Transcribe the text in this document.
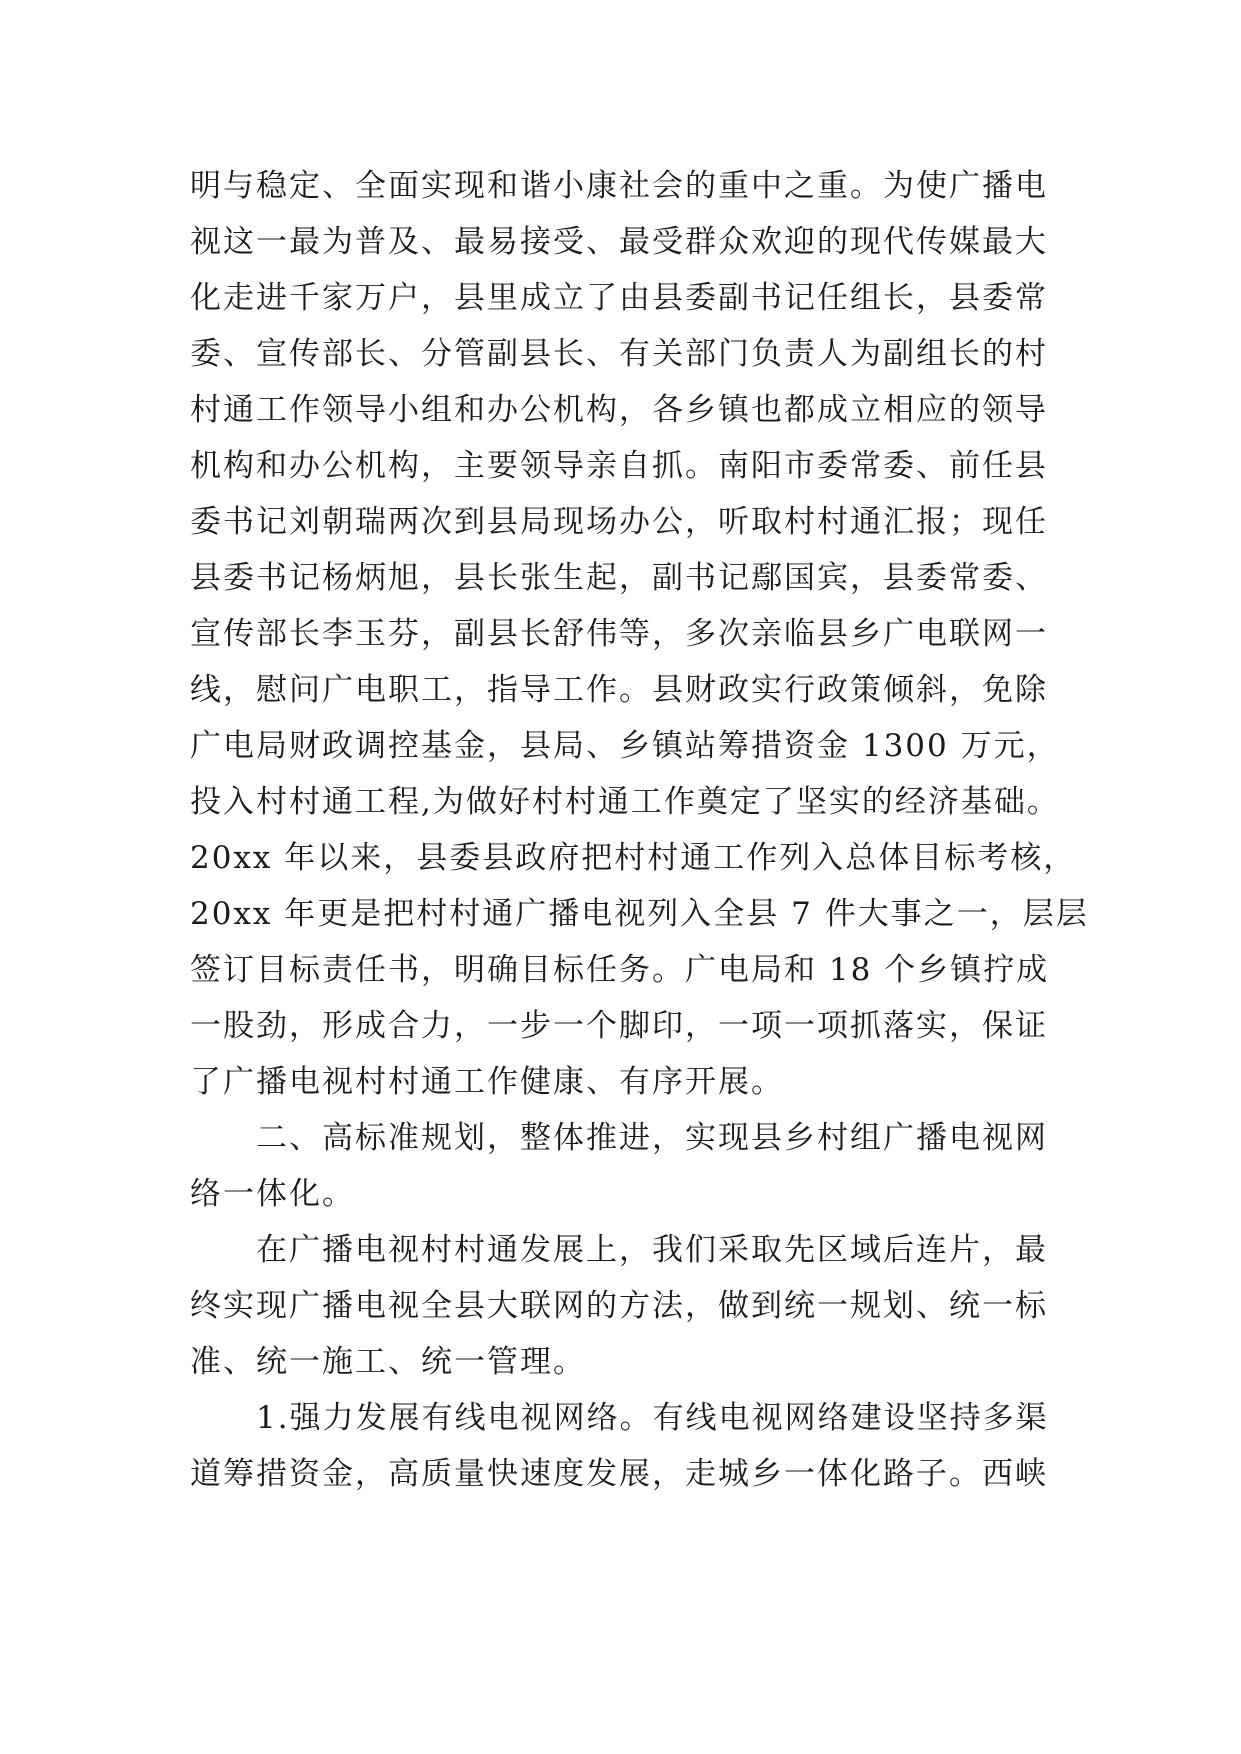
明与稳定、全面实现和谐小康社会的重中之重。为使广播电
视这一最为普及、最易接受、最受群众欢迎的现代传媒最大
化走进千家万户，县里成立了由县委副书记任组长，县委常
委、宣传部长、分管副县长、有关部门负责人为副组长的村
村通工作领导小组和办公机构，各乡镇也都成立相应的领导
机构和办公机构，主要领导亲自抓。南阳市委常委、前任县
委书记刘朝瑞两次到县局现场办公，听取村村通汇报；现任
县委书记杨炳旭，县长张生起，副书记鄢国宾，县委常委、
宣传部长李玉芬，副县长舒伟等，多次亲临县乡广电联网一
线，慰问广电职工，指导工作。县财政实行政策倾斜，免除
广电局财政调控基金，县局、乡镇站筹措资金 1300 万元，
投入村村通工程,为做好村村通工作奠定了坚实的经济基础。
20xx 年以来，县委县政府把村村通工作列入总体目标考核，
20xx 年更是把村村通广播电视列入全县 7 件大事之一，层层
签订目标责任书，明确目标任务。广电局和 18 个乡镇拧成
一股劲，形成合力，一步一个脚印，一项一项抓落实，保证
了广播电视村村通工作健康、有序开展。
　　二、高标准规划，整体推进，实现县乡村组广播电视网
络一体化。
　　在广播电视村村通发展上，我们采取先区域后连片，最
终实现广播电视全县大联网的方法，做到统一规划、统一标
准、统一施工、统一管理。
　　1.强力发展有线电视网络。有线电视网络建设坚持多渠
道筹措资金，高质量快速度发展，走城乡一体化路子。西峡
